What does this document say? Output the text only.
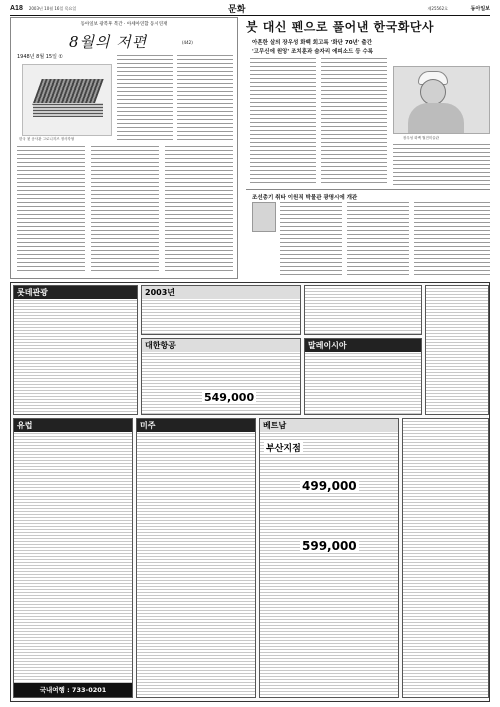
A18 2003년 10월 16일 목요일	문화	제25562호	동아일보
동아일보 광복후 복간 · 아세아연합 동시연재
8월의 저편	(442)
1948년 8월 15일 ①
한국 첫 공사관 그로니지즈 정사각형
붓 대신 펜으로 풀어낸 한국화단사
아흔한 살의 장우성 화백 회고록 '화단 70년' 출간
'고무신에 원앙' 조치훈과 숨자리 에피소드 등 수록
장우성 화백 월전미술관
조선총기 취타 이원직 박물관 광명시에 개관
롯데관광	2003년
대한항공
549,000
말레이시아
유럽
국내여행 : 733-0201
미주	베트남
부산지점
499,000
599,000
